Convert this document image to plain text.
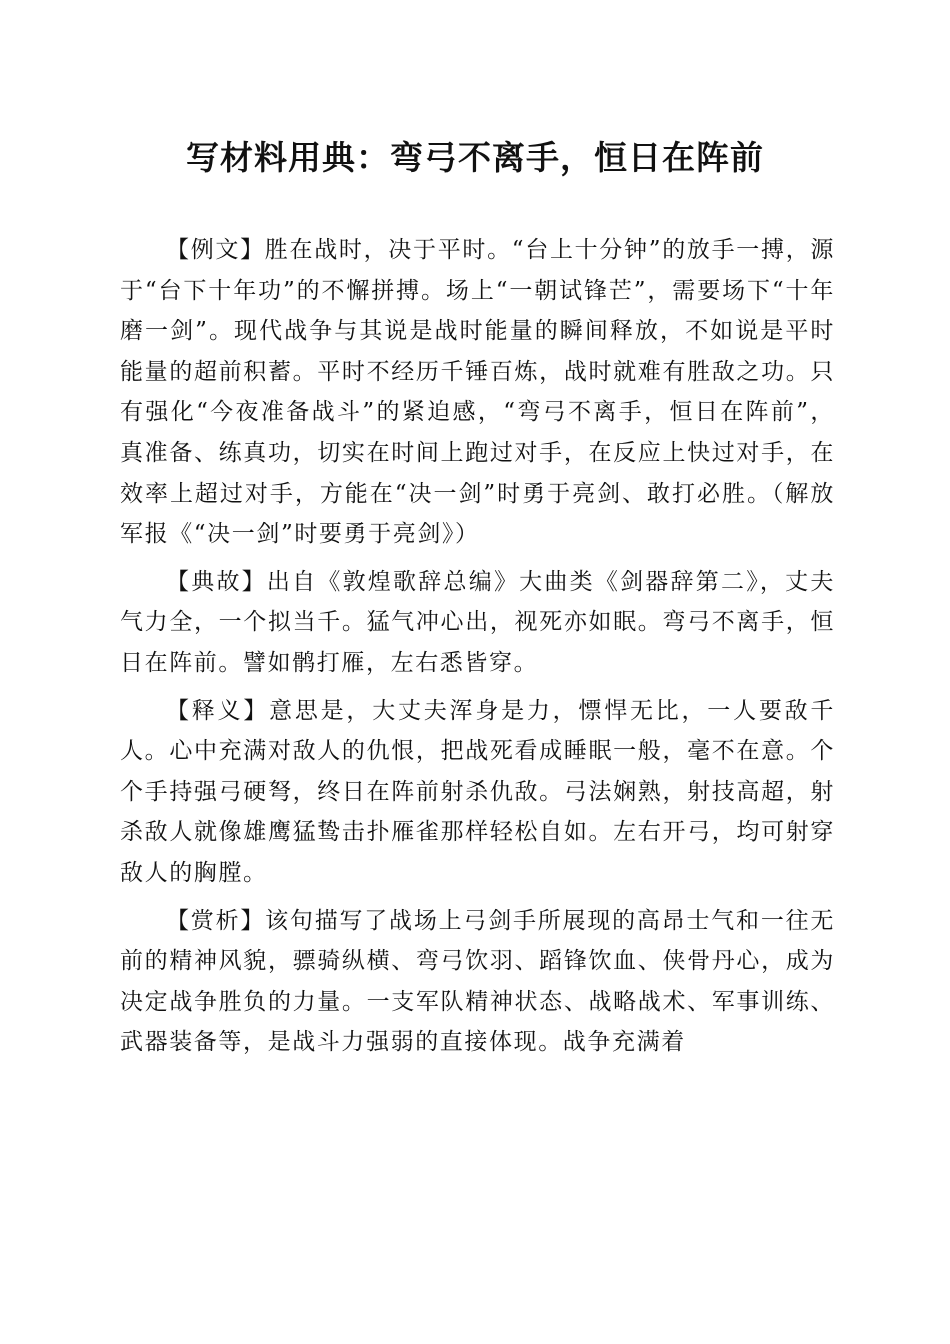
写材料用典：弯弓不离手，恒日在阵前

【例文】胜在战时，决于平时。“台上十分钟”的放手一搏，源于“台下十年功”的不懈拼搏。场上“一朝试锋芒”，需要场下“十年磨一剑”。现代战争与其说是战时能量的瞬间释放，不如说是平时能量的超前积蓄。平时不经历千锤百炼，战时就难有胜敌之功。只有强化“今夜准备战斗”的紧迫感，“弯弓不离手，恒日在阵前”，真准备、练真功，切实在时间上跑过对手，在反应上快过对手，在效率上超过对手，方能在“决一剑”时勇于亮剑、敢打必胜。（解放军报《“决一剑”时要勇于亮剑》）

【典故】出自《敦煌歌辞总编》大曲类《剑器辞第二》，丈夫气力全，一个拟当千。猛气冲心出，视死亦如眠。弯弓不离手，恒日在阵前。譬如鹘打雁，左右悉皆穿。

【释义】意思是，大丈夫浑身是力，慓悍无比，一人要敌千人。心中充满对敌人的仇恨，把战死看成睡眠一般，毫不在意。个个手持强弓硬弩，终日在阵前射杀仇敌。弓法娴熟，射技高超，射杀敌人就像雄鹰猛鸷击扑雁雀那样轻松自如。左右开弓，均可射穿敌人的胸膛。

【赏析】该句描写了战场上弓剑手所展现的高昂士气和一往无前的精神风貌，骠骑纵横、弯弓饮羽、蹈锋饮血、侠骨丹心，成为决定战争胜负的力量。一支军队精神状态、战略战术、军事训练、武器装备等，是战斗力强弱的直接体现。战争充满着
